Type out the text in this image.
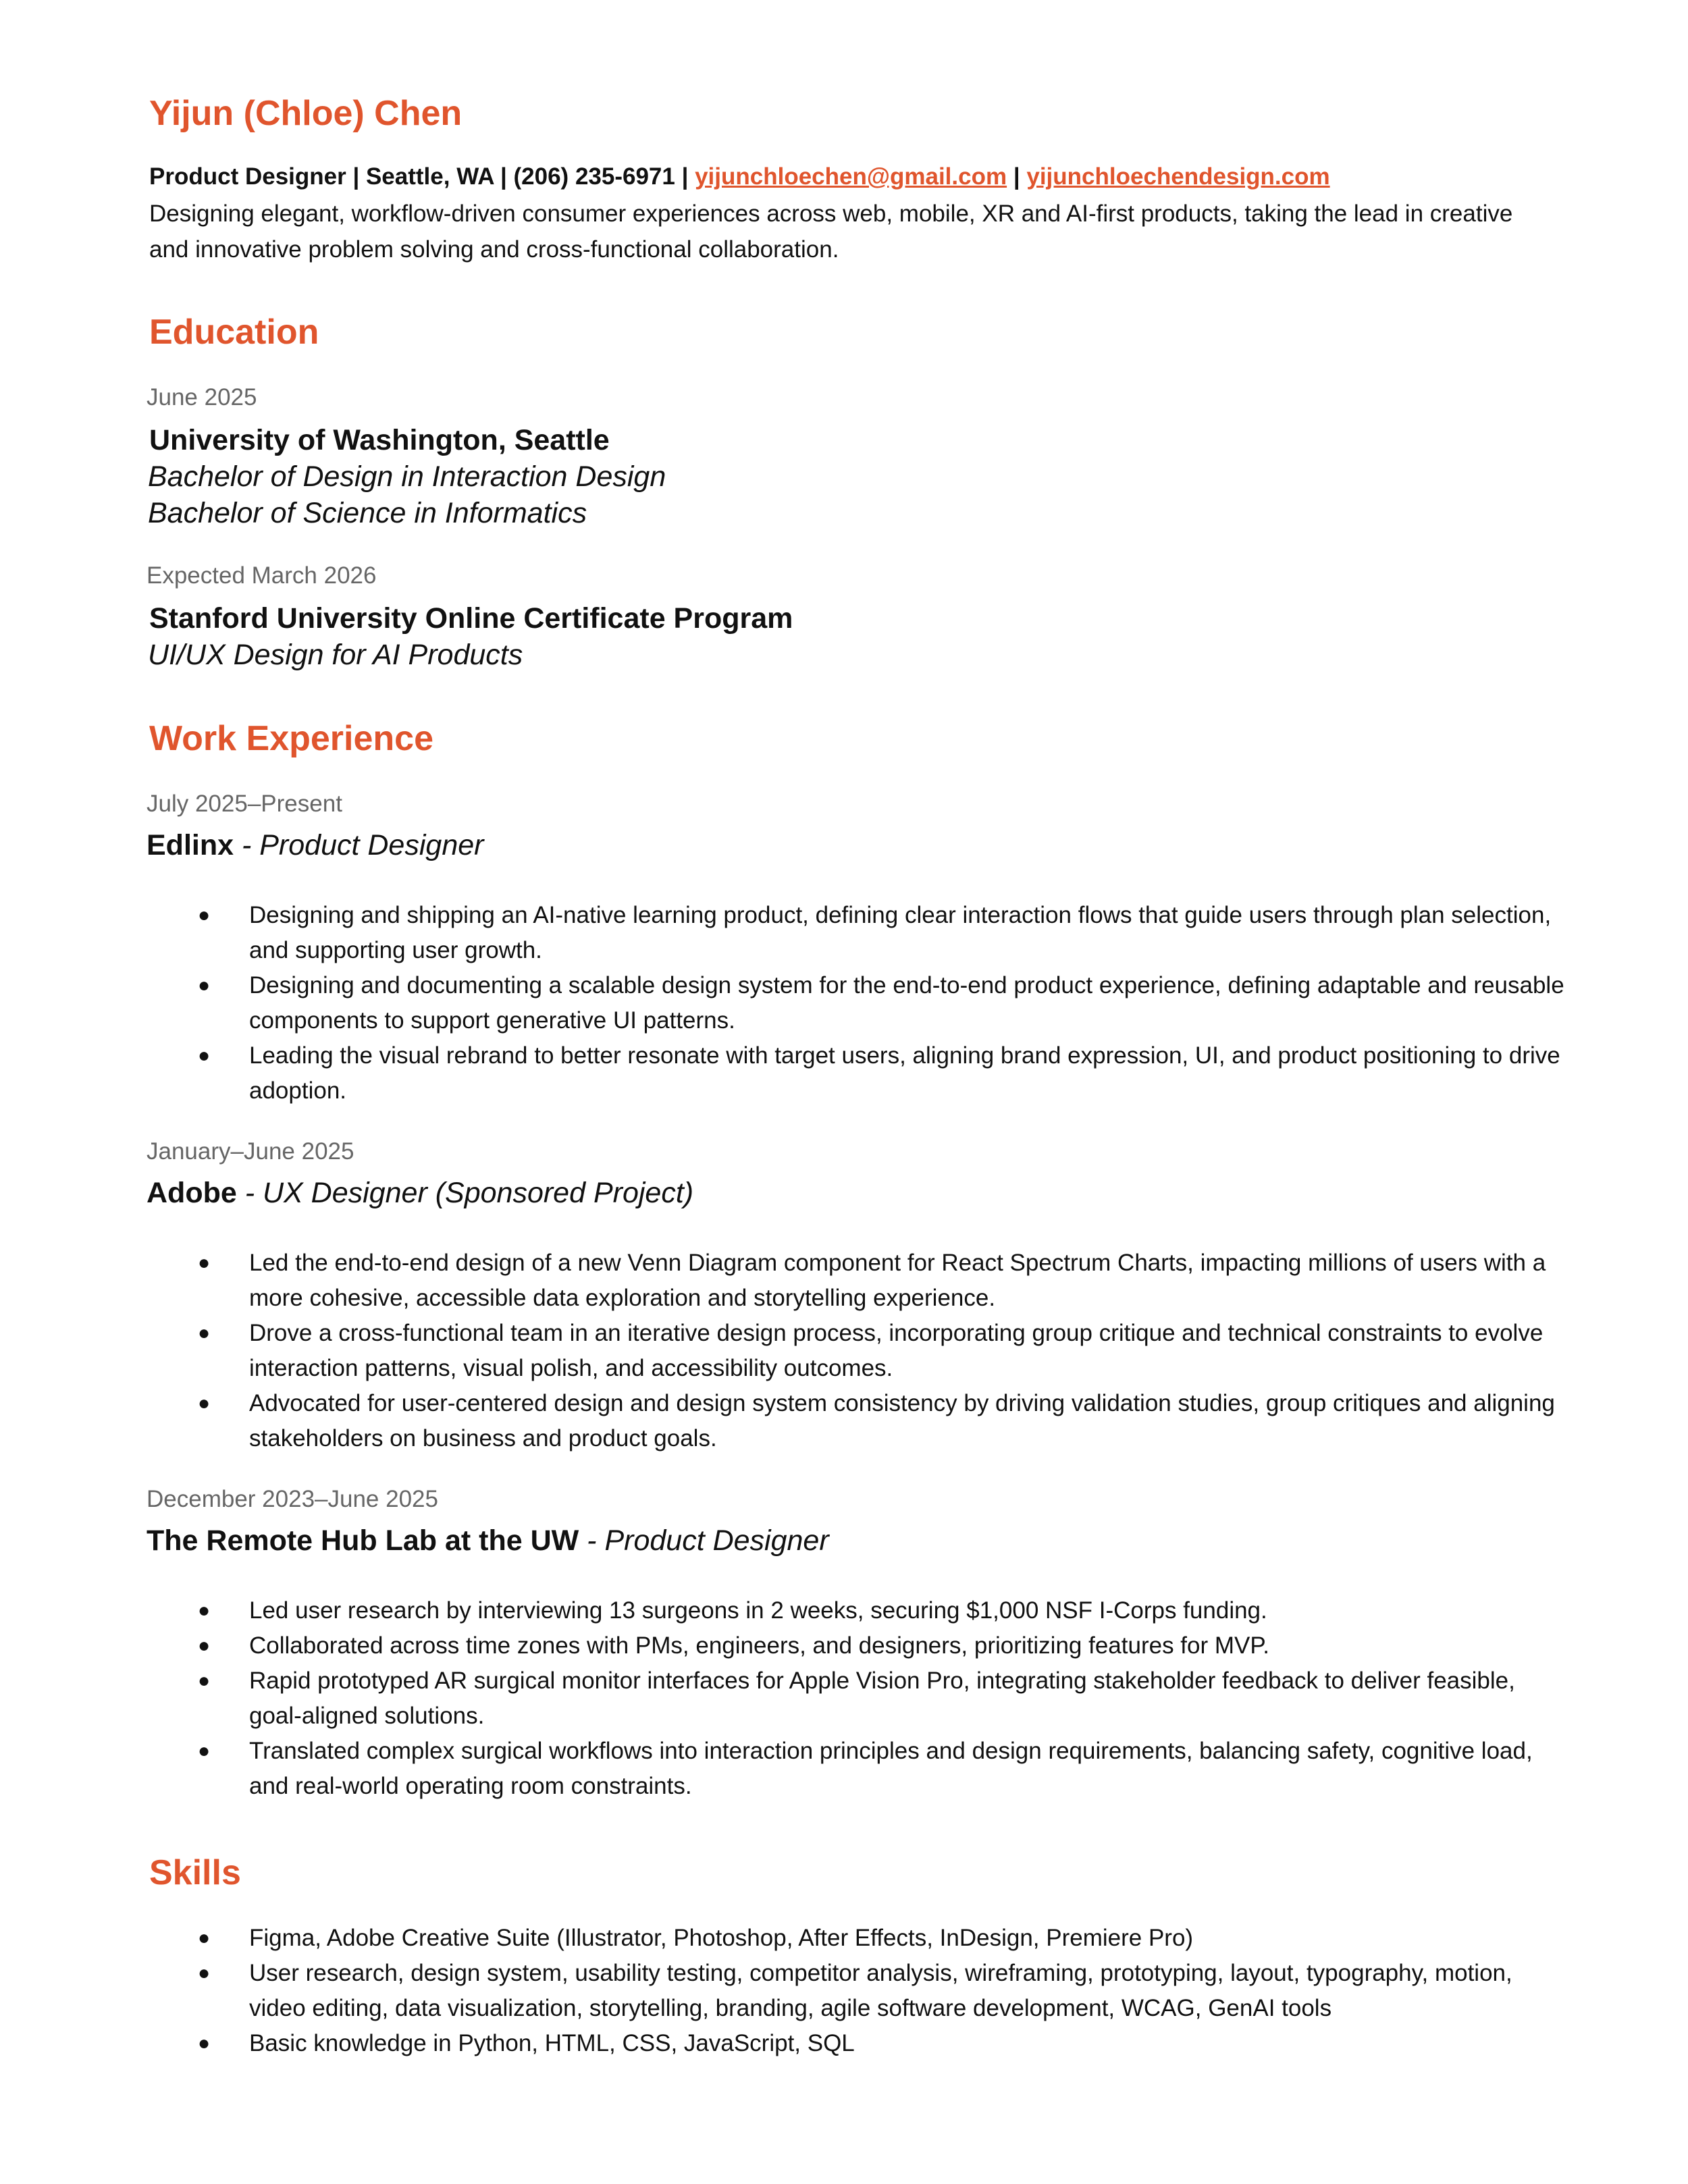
Yijun (Chloe) Chen
Product Designer | Seattle, WA | (206) 235-6971 | yijunchloechen@gmail.com | yijunchloechendesign.com
Designing elegant, workflow-driven consumer experiences across web, mobile, XR and AI-first products, taking the lead in creative and innovative problem solving and cross-functional collaboration.
Education
June 2025
University of Washington, Seattle
Bachelor of Design in Interaction Design
Bachelor of Science in Informatics
Expected March 2026
Stanford University Online Certificate Program
UI/UX Design for AI Products
Work Experience
July 2025–Present
Edlinx - Product Designer
● Designing and shipping an AI-native learning product, defining clear interaction flows that guide users through plan selection, and supporting user growth.
● Designing and documenting a scalable design system for the end-to-end product experience, defining adaptable and reusable components to support generative UI patterns.
● Leading the visual rebrand to better resonate with target users, aligning brand expression, UI, and product positioning to drive adoption.
January–June 2025
Adobe - UX Designer (Sponsored Project)
● Led the end-to-end design of a new Venn Diagram component for React Spectrum Charts, impacting millions of users with a more cohesive, accessible data exploration and storytelling experience.
● Drove a cross-functional team in an iterative design process, incorporating group critique and technical constraints to evolve interaction patterns, visual polish, and accessibility outcomes.
● Advocated for user-centered design and design system consistency by driving validation studies, group critiques and aligning stakeholders on business and product goals.
December 2023–June 2025
The Remote Hub Lab at the UW - Product Designer
● Led user research by interviewing 13 surgeons in 2 weeks, securing $1,000 NSF I-Corps funding.
● Collaborated across time zones with PMs, engineers, and designers, prioritizing features for MVP.
● Rapid prototyped AR surgical monitor interfaces for Apple Vision Pro, integrating stakeholder feedback to deliver feasible, goal-aligned solutions.
● Translated complex surgical workflows into interaction principles and design requirements, balancing safety, cognitive load, and real-world operating room constraints.
Skills
● Figma, Adobe Creative Suite (Illustrator, Photoshop, After Effects, InDesign, Premiere Pro)
● User research, design system, usability testing, competitor analysis, wireframing, prototyping, layout, typography, motion, video editing, data visualization, storytelling, branding, agile software development, WCAG, GenAI tools
● Basic knowledge in Python, HTML, CSS, JavaScript, SQL
